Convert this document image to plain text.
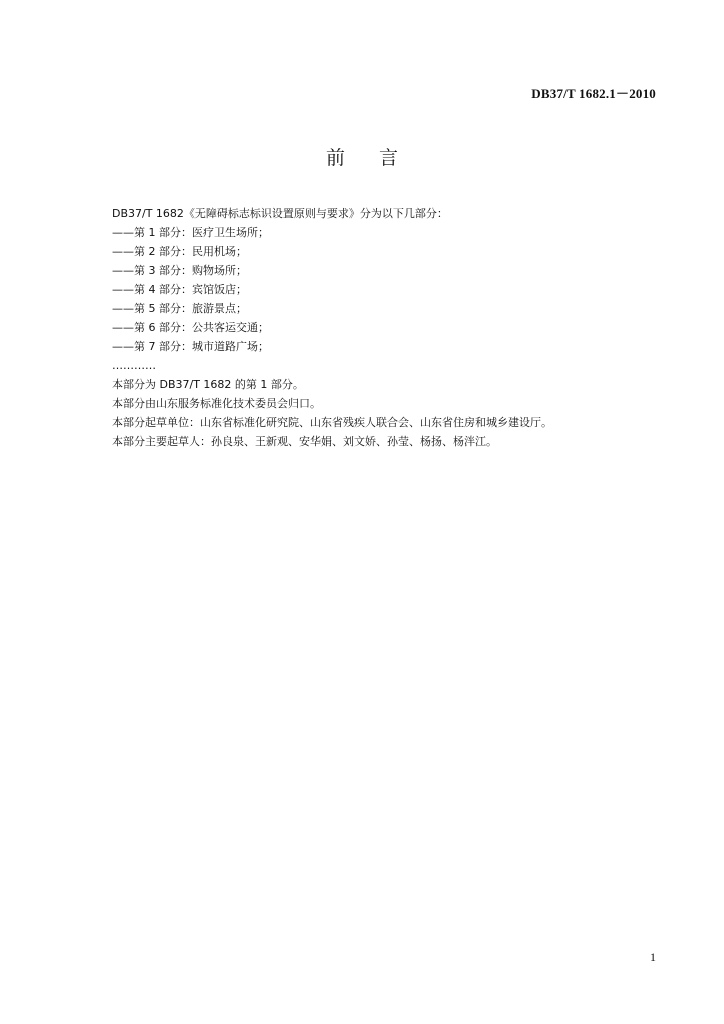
DB37/T 1682.1－2010
前言

DB37/T 1682《无障碍标志标识设置原则与要求》分为以下几部分：

——第 1 部分：医疗卫生场所；

——第 2 部分：民用机场；

——第 3 部分：购物场所；

——第 4 部分：宾馆饭店；

——第 5 部分：旅游景点；

——第 6 部分：公共客运交通；

——第 7 部分：城市道路广场；

…………

本部分为 DB37/T 1682 的第 1 部分。

本部分由山东服务标准化技术委员会归口。

本部分起草单位：山东省标准化研究院、山东省残疾人联合会、山东省住房和城乡建设厅。

本部分主要起草人：孙良泉、王新观、安华娟、刘文娇、孙莹、杨扬、杨泮江。

1
